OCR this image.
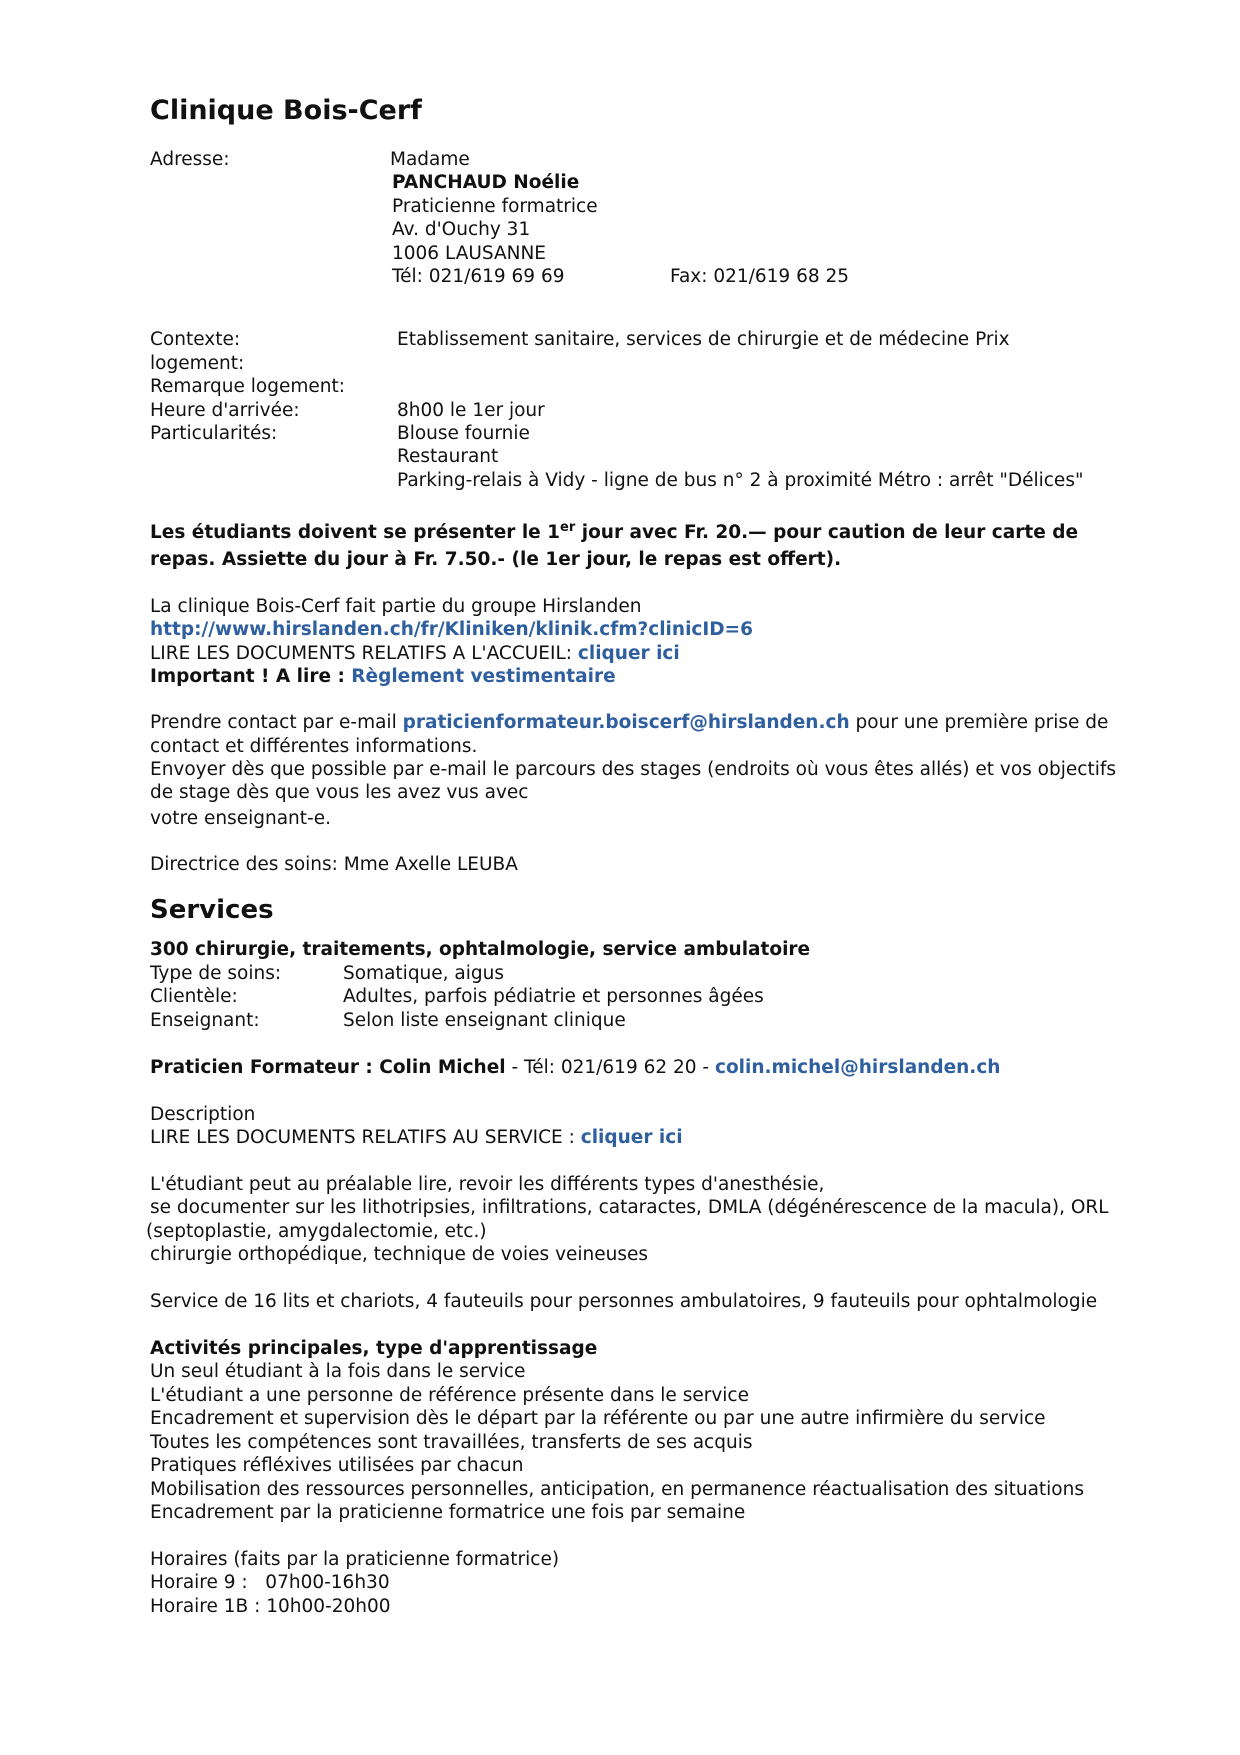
Clinique Bois-Cerf
Adresse:	Madame
PANCHAUD Noélie
Praticienne formatrice
Av. d'Ouchy 31
1006 LAUSANNE
Tél: 021/619 69 69	Fax: 021/619 68 25
Contexte:	Etablissement sanitaire, services de chirurgie et de médecine Prix
logement:
Remarque logement:
Heure d'arrivée:	8h00 le 1er jour
Particularités:	Blouse fournie
Restaurant
Parking-relais à Vidy - ligne de bus n° 2 à proximité Métro : arrêt "Délices"
Les étudiants doivent se présenter le 1er jour avec Fr. 20.— pour caution de leur carte de
repas. Assiette du jour à Fr. 7.50.- (le 1er jour, le repas est offert).
La clinique Bois-Cerf fait partie du groupe Hirslanden
http://www.hirslanden.ch/fr/Kliniken/klinik.cfm?clinicID=6
LIRE LES DOCUMENTS RELATIFS A L'ACCUEIL: cliquer ici
Important ! A lire : Règlement vestimentaire
Prendre contact par e-mail praticienformateur.boiscerf@hirslanden.ch pour une première prise de
contact et différentes informations.
Envoyer dès que possible par e-mail le parcours des stages (endroits où vous êtes allés) et vos objectifs
de stage dès que vous les avez vus avec
votre enseignant-e.
Directrice des soins: Mme Axelle LEUBA
Services
300 chirurgie, traitements, ophtalmologie, service ambulatoire
Type de soins:	Somatique, aigus
Clientèle:	Adultes, parfois pédiatrie et personnes âgées
Enseignant:	Selon liste enseignant clinique
Praticien Formateur : Colin Michel - Tél: 021/619 62 20 - colin.michel@hirslanden.ch
Description
LIRE LES DOCUMENTS RELATIFS AU SERVICE : cliquer ici
L'étudiant peut au préalable lire, revoir les différents types d'anesthésie,
se documenter sur les lithotripsies, infiltrations, cataractes, DMLA (dégénérescence de la macula), ORL
(septoplastie, amygdalectomie, etc.)
chirurgie orthopédique, technique de voies veineuses
Service de 16 lits et chariots, 4 fauteuils pour personnes ambulatoires, 9 fauteuils pour ophtalmologie
Activités principales, type d'apprentissage
Un seul étudiant à la fois dans le service
L'étudiant a une personne de référence présente dans le service
Encadrement et supervision dès le départ par la référente ou par une autre infirmière du service
Toutes les compétences sont travaillées, transferts de ses acquis
Pratiques réfléxives utilisées par chacun
Mobilisation des ressources personnelles, anticipation, en permanence réactualisation des situations
Encadrement par la praticienne formatrice une fois par semaine
Horaires (faits par la praticienne formatrice)
Horaire 9 :   07h00-16h30
Horaire 1B : 10h00-20h00
